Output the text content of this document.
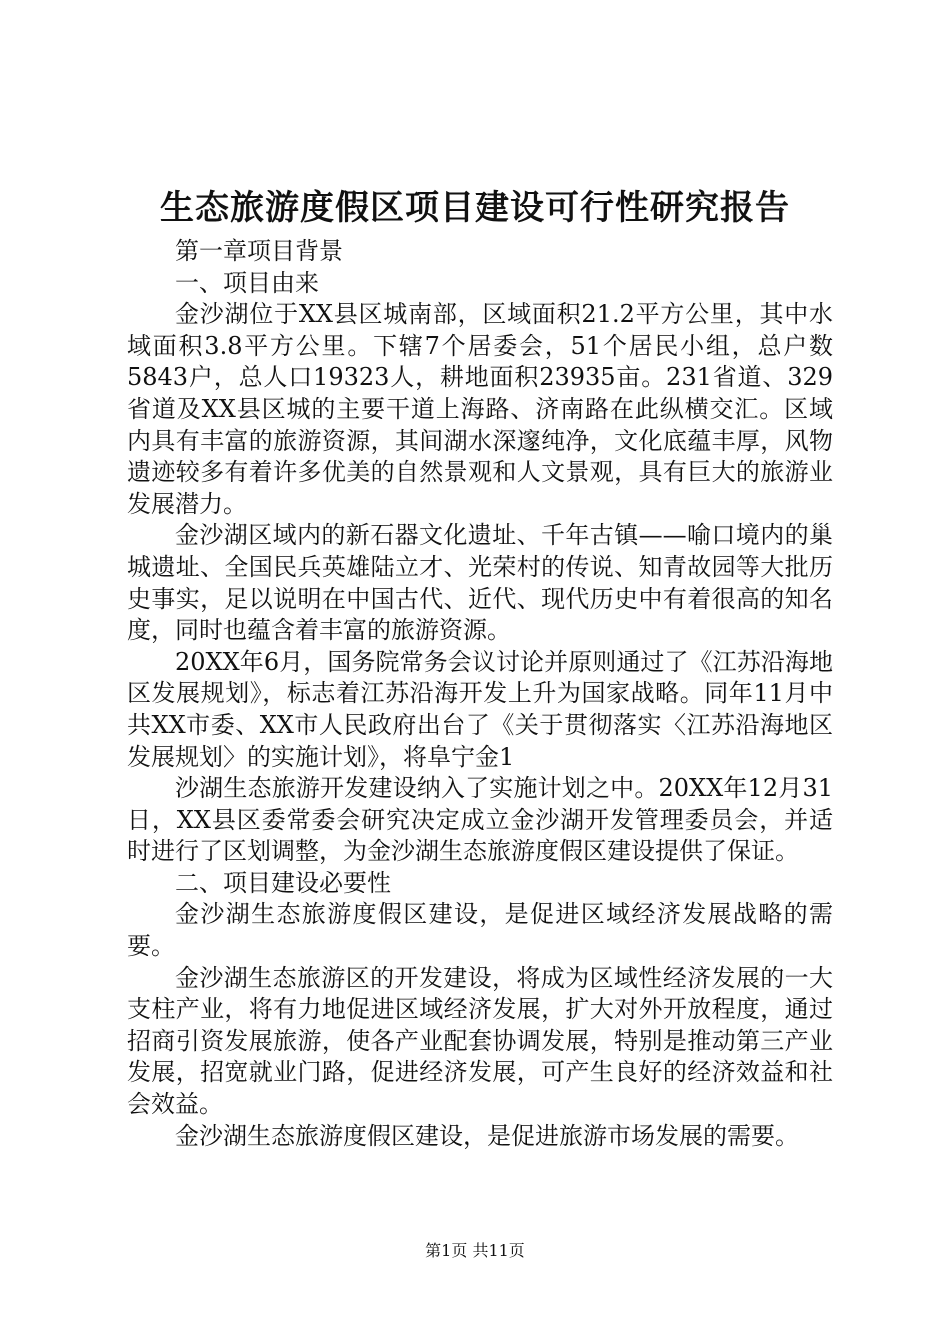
生态旅游度假区项目建设可行性研究报告

第一章项目背景

一、项目由来

金沙湖位于XX县区城南部，区域面积21.2平方公里，其中水域面积3.8平方公里。下辖7个居委会，51个居民小组，总户数5843户，总人口19323人，耕地面积23935亩。231省道、329省道及XX县区城的主要干道上海路、济南路在此纵横交汇。区域内具有丰富的旅游资源，其间湖水深邃纯净，文化底蕴丰厚，风物遗迹较多有着许多优美的自然景观和人文景观，具有巨大的旅游业发展潜力。

金沙湖区域内的新石器文化遗址、千年古镇——喻口境内的巢城遗址、全国民兵英雄陆立才、光荣村的传说、知青故园等大批历史事实，足以说明在中国古代、近代、现代历史中有着很高的知名度，同时也蕴含着丰富的旅游资源。

20XX年6月，国务院常务会议讨论并原则通过了《江苏沿海地区发展规划》，标志着江苏沿海开发上升为国家战略。同年11月中共XX市委、XX市人民政府出台了《关于贯彻落实〈江苏沿海地区发展规划〉的实施计划》，将阜宁金1

沙湖生态旅游开发建设纳入了实施计划之中。20XX年12月31日，XX县区委常委会研究决定成立金沙湖开发管理委员会，并适时进行了区划调整，为金沙湖生态旅游度假区建设提供了保证。

二、项目建设必要性

金沙湖生态旅游度假区建设，是促进区域经济发展战略的需要。

金沙湖生态旅游区的开发建设，将成为区域性经济发展的一大支柱产业，将有力地促进区域经济发展，扩大对外开放程度，通过招商引资发展旅游，使各产业配套协调发展，特别是推动第三产业发展，招宽就业门路，促进经济发展，可产生良好的经济效益和社会效益。

金沙湖生态旅游度假区建设，是促进旅游市场发展的需要。

第1页 共11页
